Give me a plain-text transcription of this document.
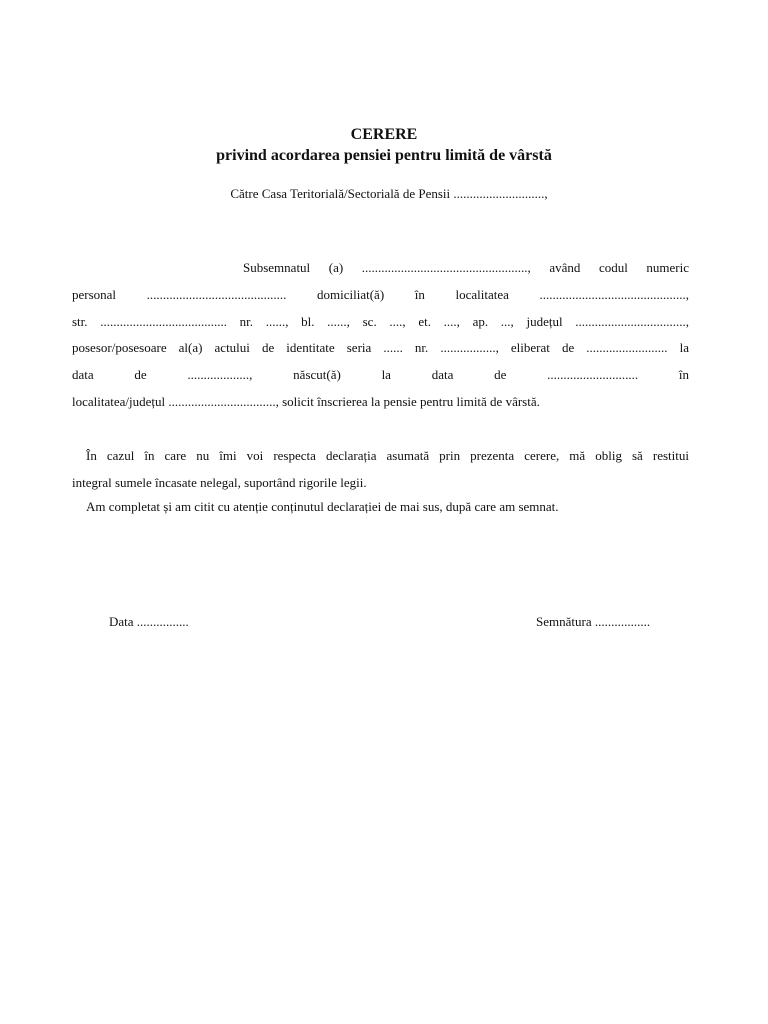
CERERE
privind acordarea pensiei pentru limită de vârstă
Către Casa Teritorială/Sectorială de Pensii ............................,
Subsemnatul (a) ..................................................., având codul numeric
personal ........................................... domiciliat(ă) în localitatea .............................................,
str. ....................................... nr. ......, bl. ......, sc. ...., et. ...., ap. ..., județul ..................................,
posesor/posesoare al(a) actului de identitate seria ...... nr. ................., eliberat de ......................... la
data de ..................., născut(ă) la data de ............................ în
localitatea/județul ................................., solicit înscrierea la pensie pentru limită de vârstă.
În cazul în care nu îmi voi respecta declarația asumată prin prezenta cerere, mă oblig să restitui
integral sumele încasate nelegal, suportând rigorile legii.
Am completat și am citit cu atenție conținutul declarației de mai sus, după care am semnat.
Data ................	Semnătura .................
